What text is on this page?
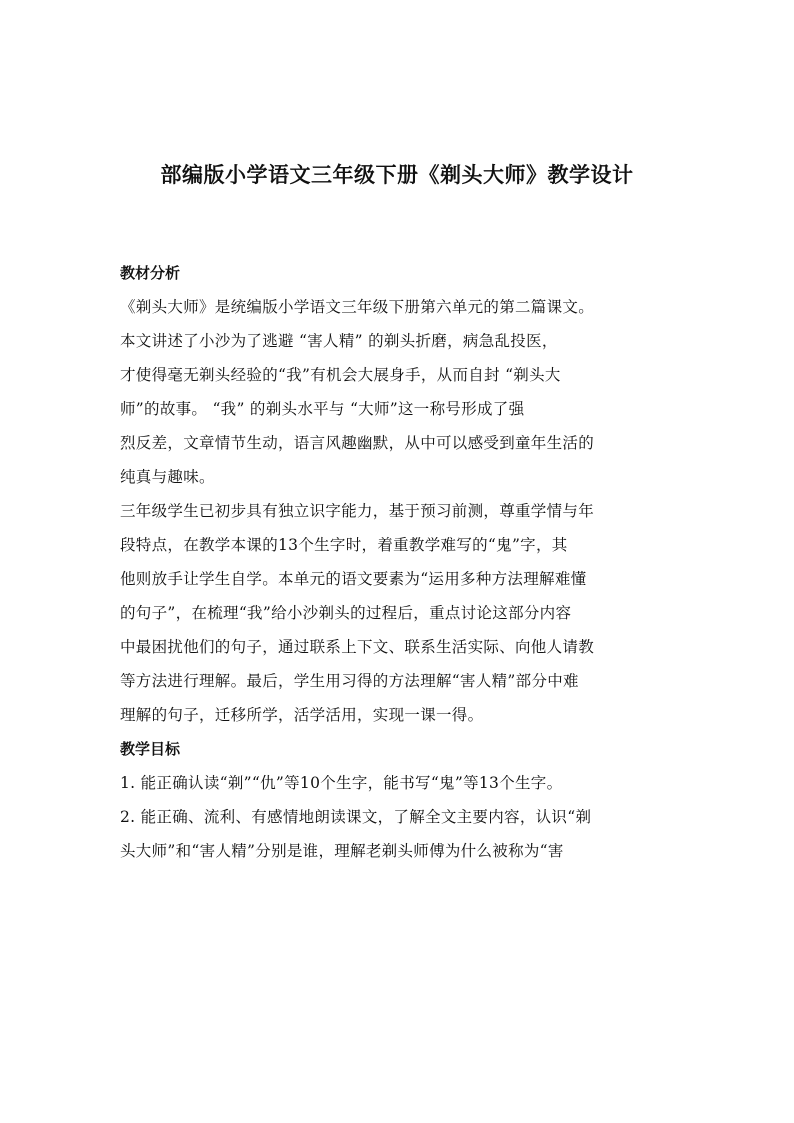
部编版小学语文三年级下册《剃头大师》教学设计
教材分析
《剃头大师》是统编版小学语文三年级下册第六单元的第二篇课文。
本文讲述了小沙为了逃避 “害人精” 的剃头折磨，病急乱投医，
才使得毫无剃头经验的“我”有机会大展身手，从而自封 “剃头大
师”的故事。 “我” 的剃头水平与 “大师”这一称号形成了强
烈反差，文章情节生动，语言风趣幽默，从中可以感受到童年生活的
纯真与趣味。
三年级学生已初步具有独立识字能力，基于预习前测，尊重学情与年
段特点，在教学本课的13个生字时，着重教学难写的“鬼”字，其
他则放手让学生自学。本单元的语文要素为“运用多种方法理解难懂
的句子”，在梳理“我”给小沙剃头的过程后，重点讨论这部分内容
中最困扰他们的句子，通过联系上下文、联系生活实际、向他人请教
等方法进行理解。最后，学生用习得的方法理解“害人精”部分中难
理解的句子，迁移所学，活学活用，实现一课一得。
教学目标
1. 能正确认读“剃”“仇”等10个生字，能书写“鬼”等13个生字。
2. 能正确、流利、有感情地朗读课文，了解全文主要内容，认识“剃
头大师”和“害人精”分别是谁，理解老剃头师傅为什么被称为“害
